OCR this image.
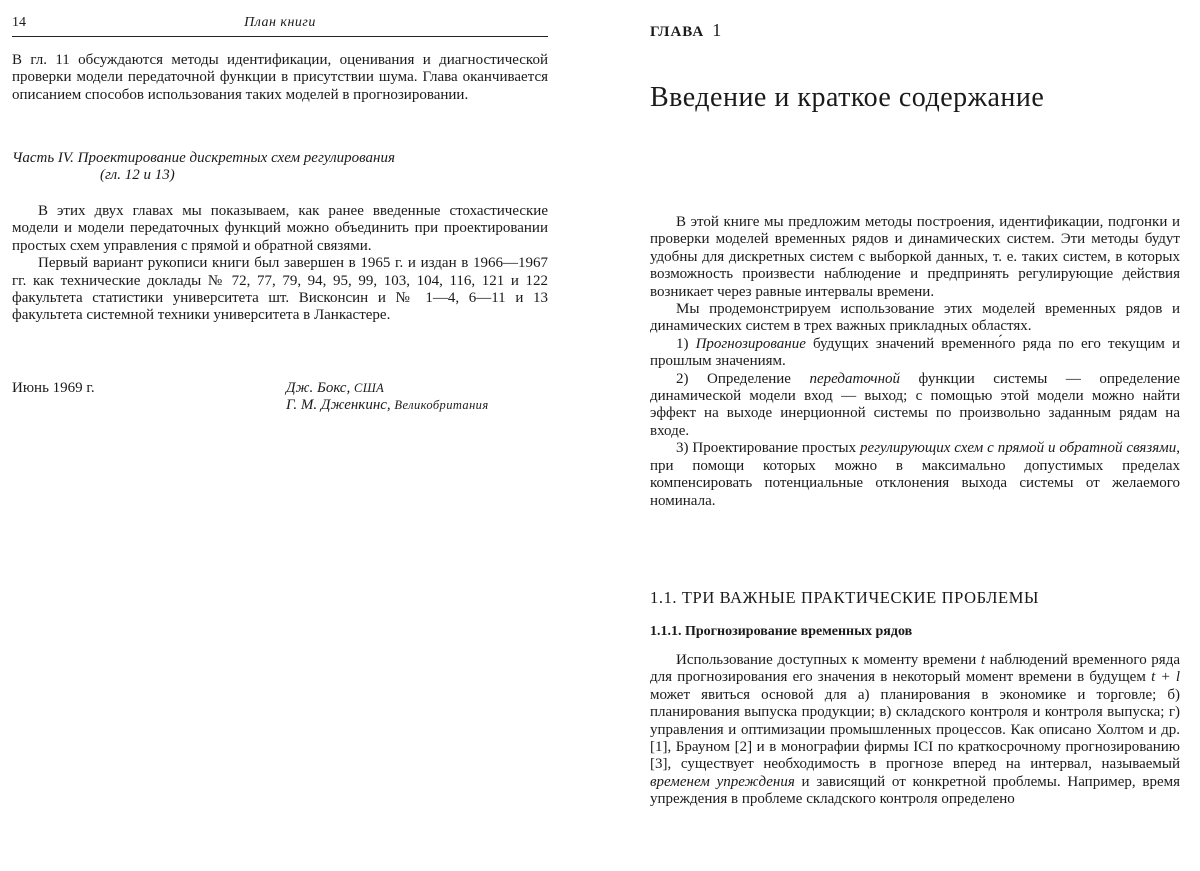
14	План книги

В гл. 11 обсуждаются методы идентификации, оценивания и диагностической проверки модели передаточной функции в присутствии шума. Глава оканчивается описанием способов использования таких моделей в прогнозировании.

Часть IV. Проектирование дискретных схем регулирования
(гл. 12 и 13)

В этих двух главах мы показываем, как ранее введенные стохастические модели и модели передаточных функций можно объединить при проектировании простых схем управления с прямой и обратной связями.

Первый вариант рукописи книги был завершен в 1965 г. и издан в 1966—1967 гг. как технические доклады № 72, 77, 79, 94, 95, 99, 103, 104, 116, 121 и 122 факультета статистики университета шт. Висконсин и № 1—4, 6—11 и 13 факультета системной техники университета в Ланкастере.

Июнь 1969 г.	Дж. Бокс, США
Г. М. Дженкинс, Великобритания
ГЛАВА 1
Введение и краткое содержание

В этой книге мы предложим методы построения, идентификации, подгонки и проверки моделей временных рядов и динамических систем. Эти методы будут удобны для дискретных систем с выборкой данных, т. е. таких систем, в которых возможность произвести наблюдение и предпринять регулирующие действия возникает через равные интервалы времени.

Мы продемонстрируем использование этих моделей временных рядов и динамических систем в трех важных прикладных областях.

1) Прогнозирование будущих значений временно́го ряда по его текущим и прошлым значениям.

2) Определение передаточной функции системы — определение динамической модели вход — выход; с помощью этой модели можно найти эффект на выходе инерционной системы по произвольно заданным рядам на входе.

3) Проектирование простых регулирующих схем с прямой и обратной связями, при помощи которых можно в максимально допустимых пределах компенсировать потенциальные отклонения выхода системы от желаемого номинала.

1.1. ТРИ ВАЖНЫЕ ПРАКТИЧЕСКИЕ ПРОБЛЕМЫ
1.1.1. Прогнозирование временных рядов

Использование доступных к моменту времени t наблюдений временного ряда для прогнозирования его значения в некоторый момент времени в будущем t + l может явиться основой для а) планирования в экономике и торговле; б) планирования выпуска продукции; в) складского контроля и контроля выпуска; г) управления и оптимизации промышленных процессов. Как описано Холтом и др. [1], Брауном [2] и в монографии фирмы ICI по краткосрочному прогнозированию [3], существует необходимость в прогнозе вперед на интервал, называемый временем упреждения и зависящий от конкретной проблемы. Например, время упреждения в проблеме складского контроля определено
